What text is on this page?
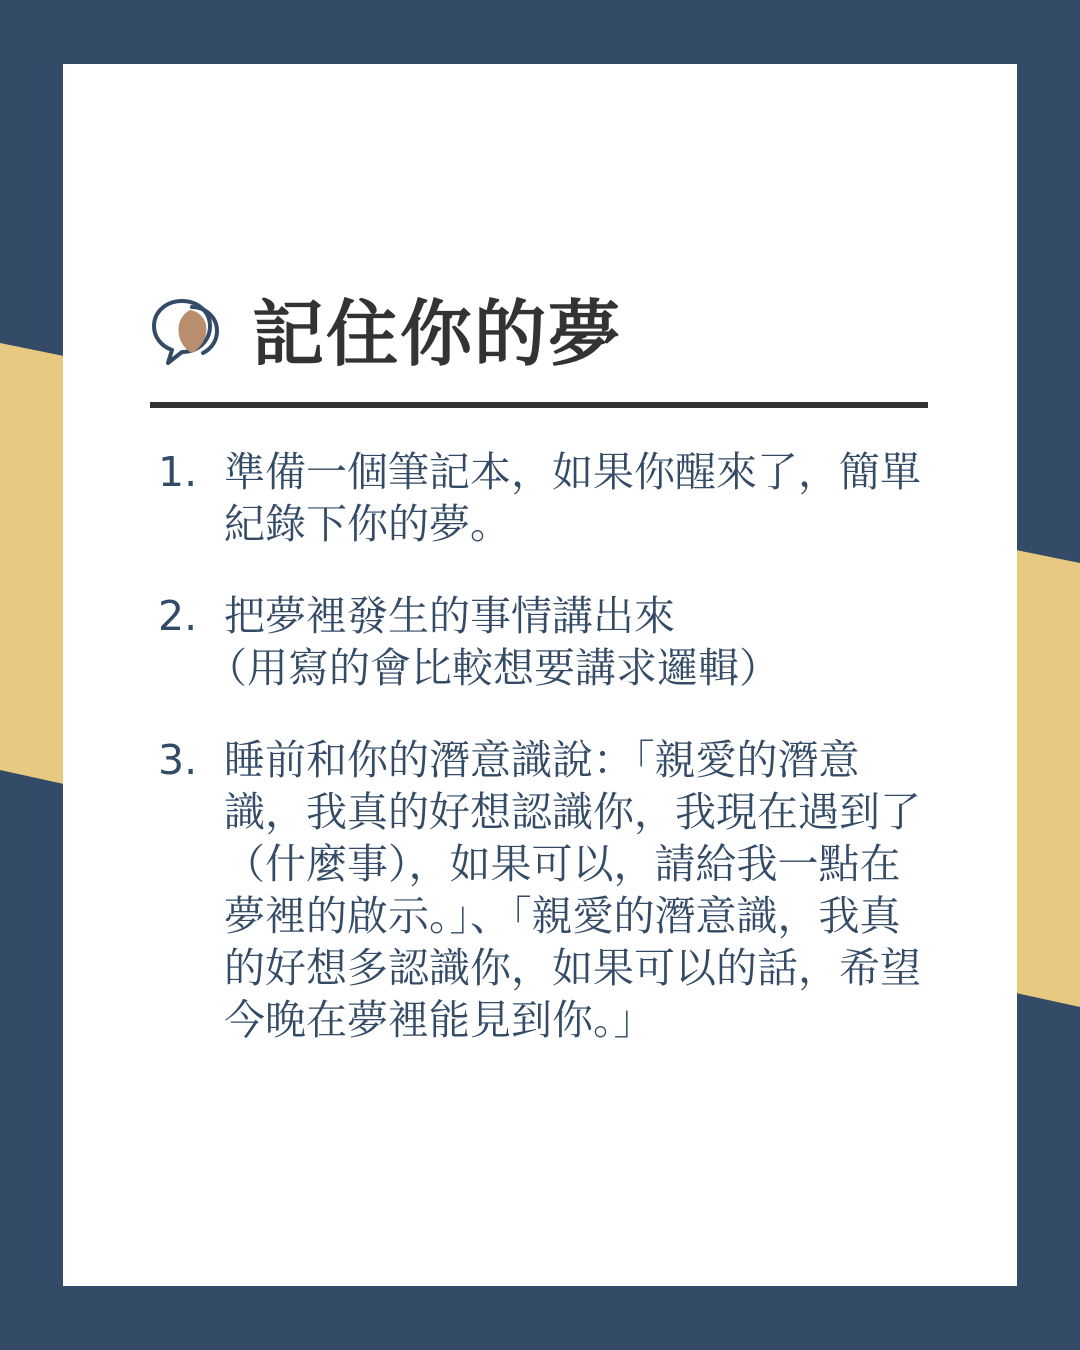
記住你的夢
1. 準備一個筆記本，如果你醒來了，簡單紀錄下你的夢。
2. 把夢裡發生的事情講出來
（用寫的會比較想要講求邏輯）
3. 睡前和你的潛意識說：「親愛的潛意識，我真的好想認識你，我現在遇到了（什麼事），如果可以，請給我一點在夢裡的啟示。」、「親愛的潛意識，我真的好想多認識你，如果可以的話，希望今晚在夢裡能見到你。」
